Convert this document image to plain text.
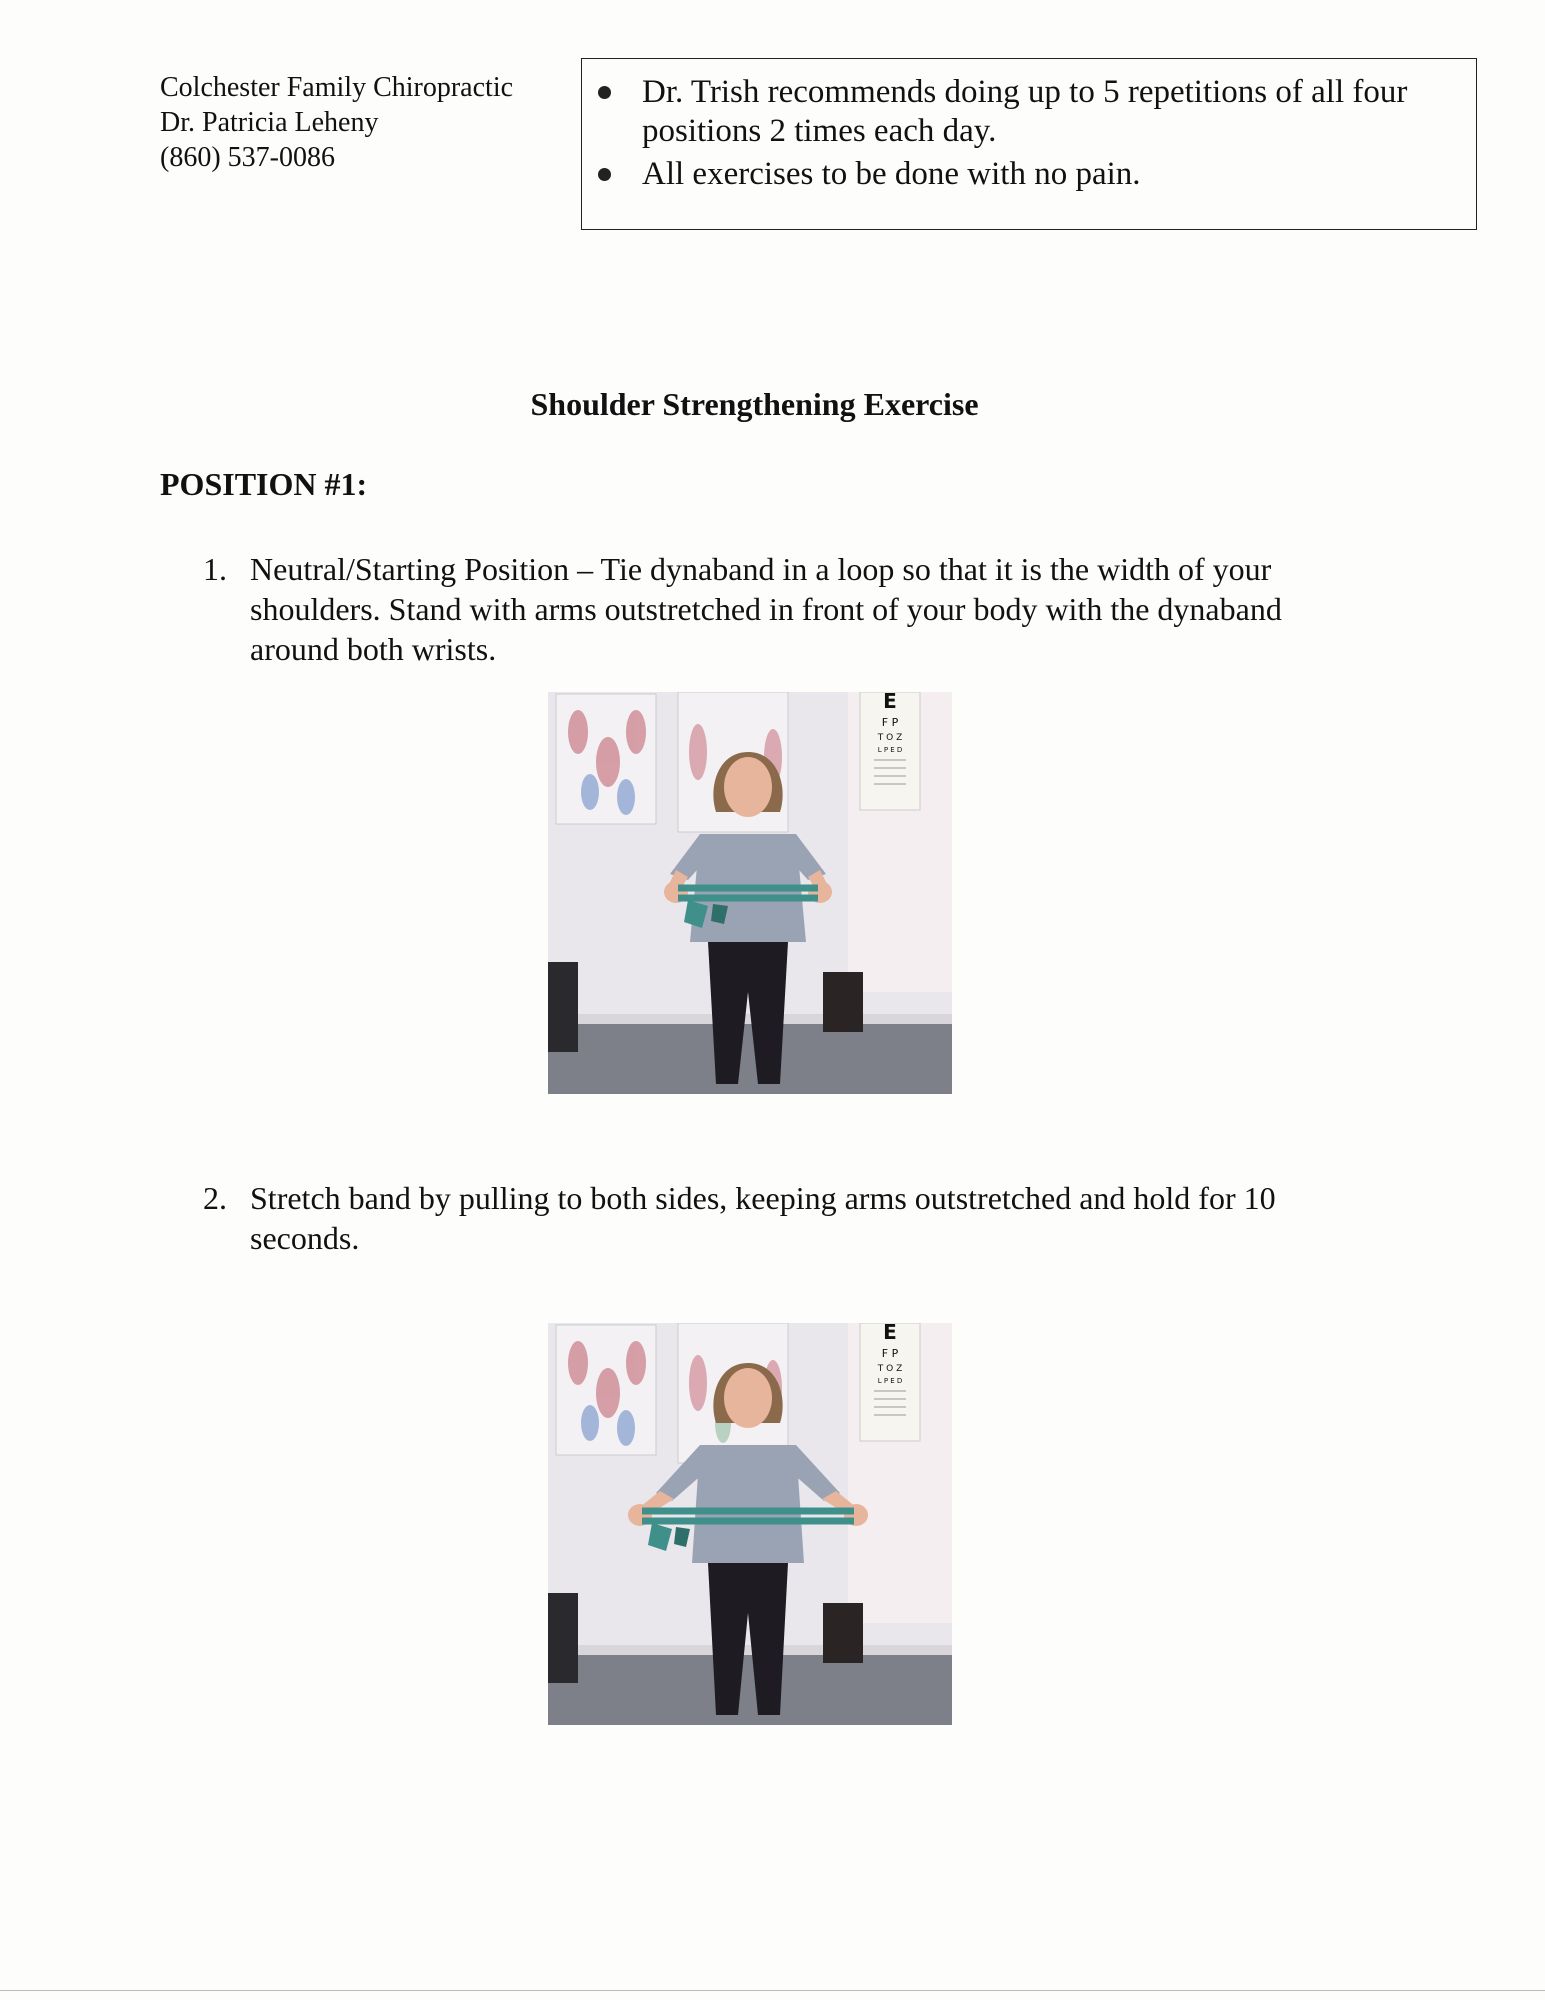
Colchester Family Chiropractic
Dr. Patricia Leheny
(860) 537-0086
Dr. Trish recommends doing up to 5 repetitions of all four positions 2 times each day.
All exercises to be done with no pain.
Shoulder Strengthening Exercise
POSITION #1:
1. Neutral/Starting Position – Tie dynaband in a loop so that it is the width of your shoulders. Stand with arms outstretched in front of your body with the dynaband around both wrists.
E
F P
T O Z
L P E D
2. Stretch band by pulling to both sides, keeping arms outstretched and hold for 10 seconds.
E
F P
T O Z
L P E D
